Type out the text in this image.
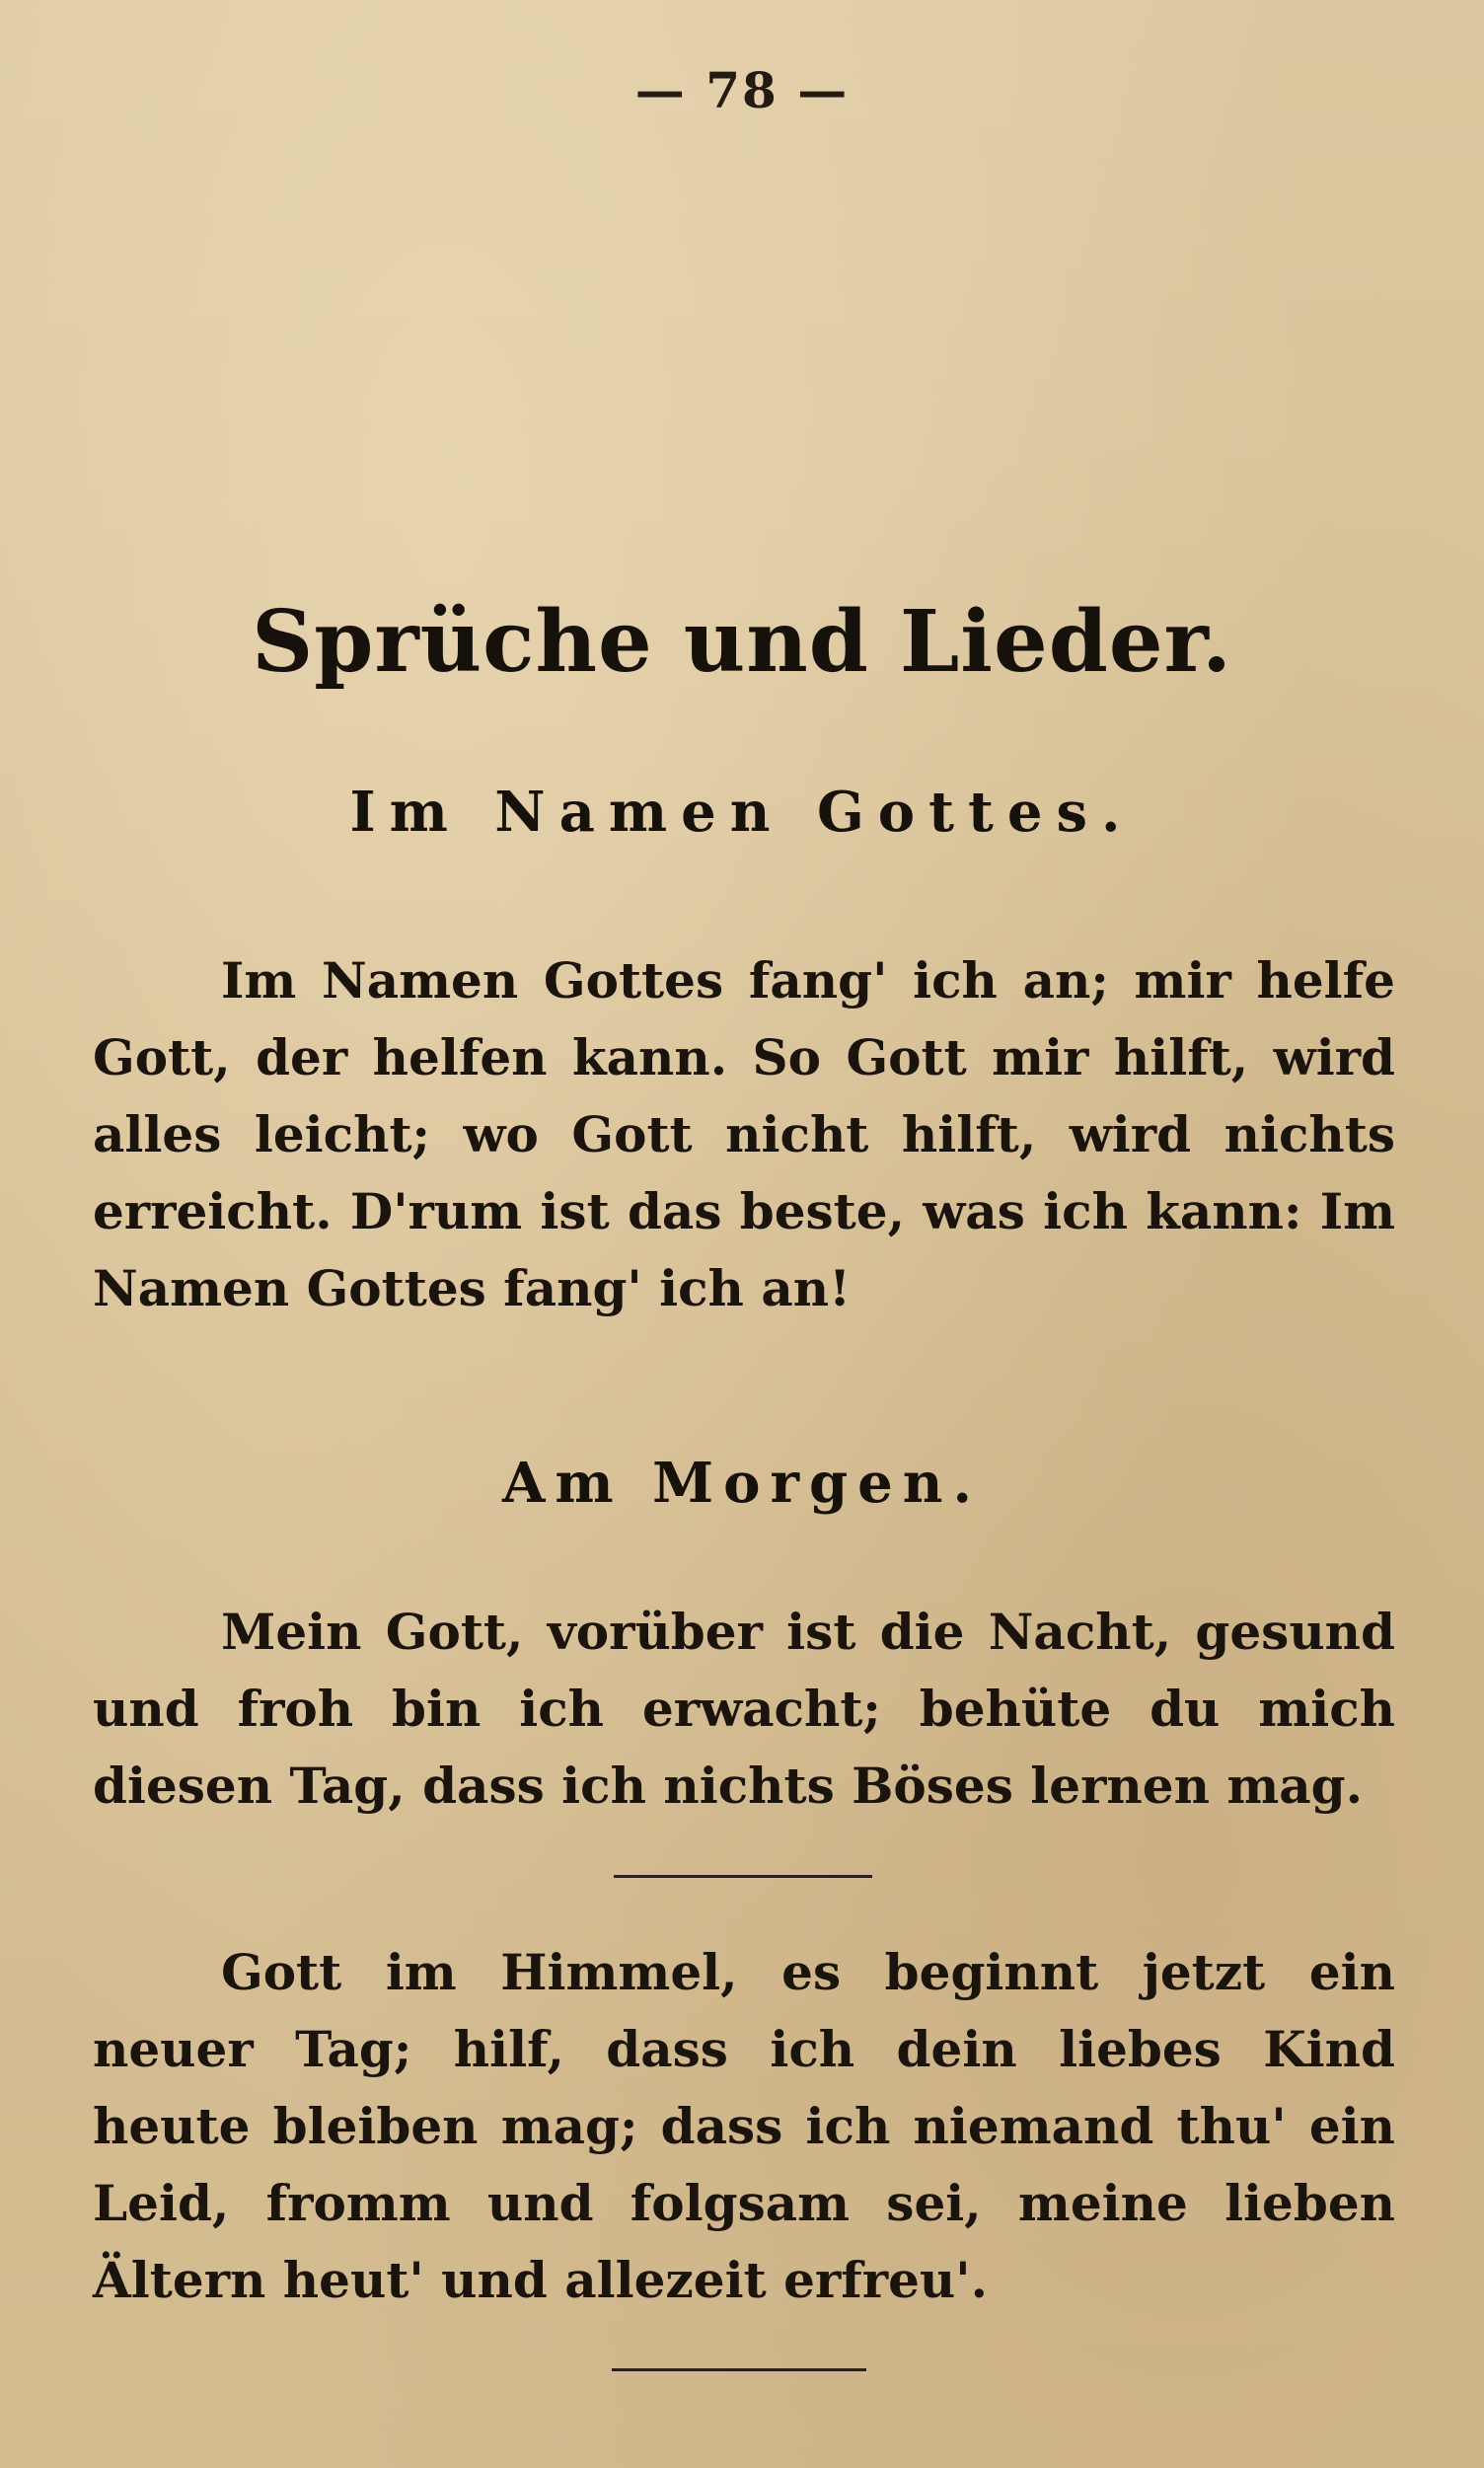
— 78 —
Sprüche und Lieder.
Im Namen Gottes.
Im Namen Gottes fang' ich an; mir helfe Gott, der helfen kann. So Gott mir hilft, wird alles leicht; wo Gott nicht hilft, wird nichts erreicht. D'rum ist das beste, was ich kann: Im Namen Gottes fang' ich an!
Am Morgen.
Mein Gott, vorüber ist die Nacht, gesund und froh bin ich erwacht; behüte du mich diesen Tag, dass ich nichts Böses lernen mag.
Gott im Himmel, es beginnt jetzt ein neuer Tag; hilf, dass ich dein liebes Kind heute bleiben mag; dass ich niemand thu' ein Leid, fromm und folgsam sei, meine lieben Ältern heut' und allezeit erfreu'.
